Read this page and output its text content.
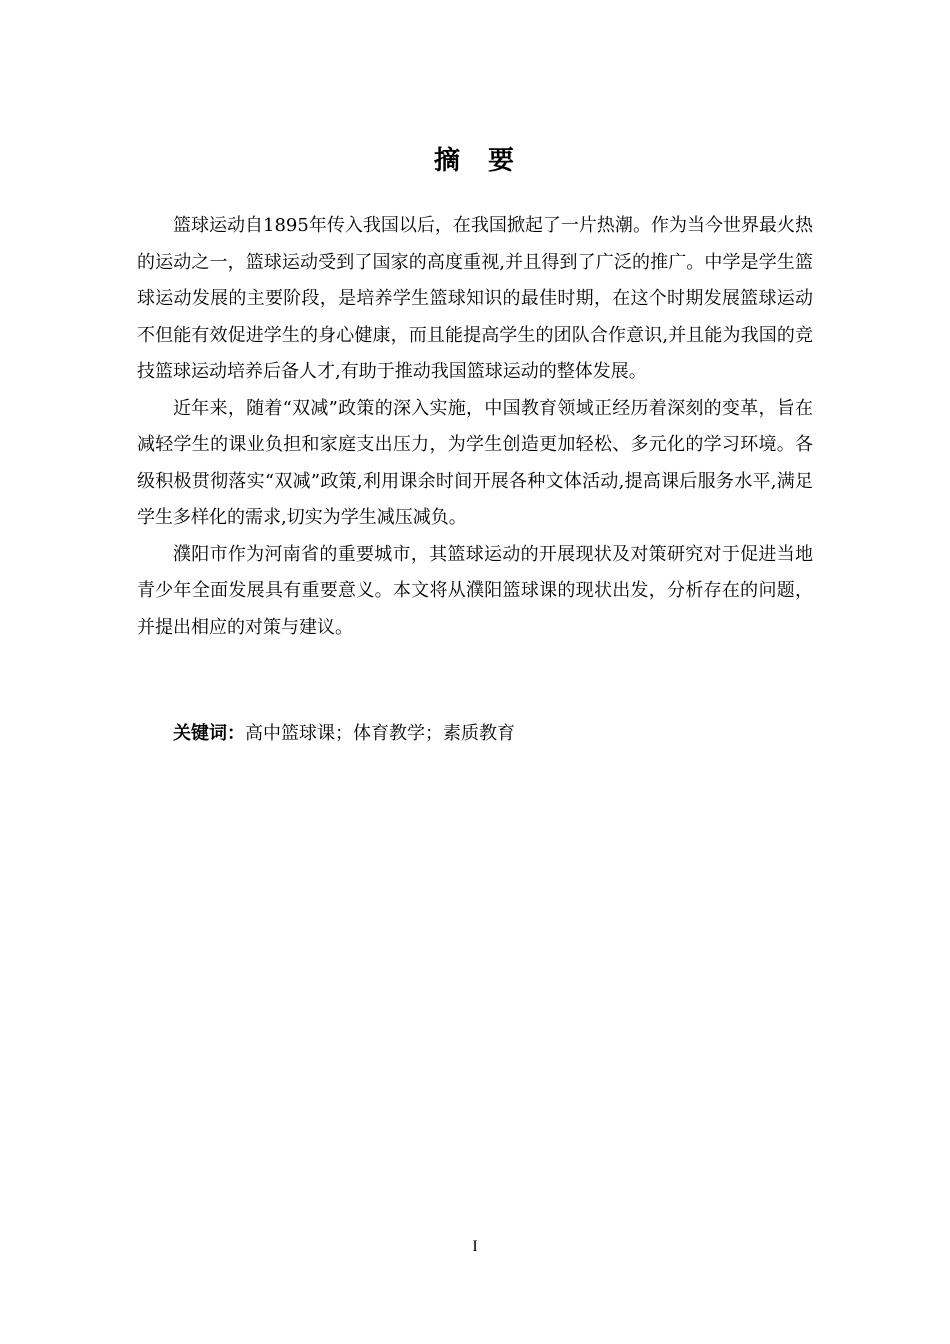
摘 要

篮球运动自1895年传入我国以后，在我国掀起了一片热潮。作为当今世界最火热的运动之一，篮球运动受到了国家的高度重视,并且得到了广泛的推广。中学是学生篮球运动发展的主要阶段，是培养学生篮球知识的最佳时期，在这个时期发展篮球运动不但能有效促进学生的身心健康，而且能提高学生的团队合作意识,并且能为我国的竞技篮球运动培养后备人才,有助于推动我国篮球运动的整体发展。

近年来，随着“双减”政策的深入实施，中国教育领域正经历着深刻的变革，旨在减轻学生的课业负担和家庭支出压力，为学生创造更加轻松、多元化的学习环境。各级积极贯彻落实“双减”政策,利用课余时间开展各种文体活动,提高课后服务水平,满足学生多样化的需求,切实为学生减压减负。

濮阳市作为河南省的重要城市，其篮球运动的开展现状及对策研究对于促进当地青少年全面发展具有重要意义。本文将从濮阳篮球课的现状出发，分析存在的问题，并提出相应的对策与建议。

关键词：高中篮球课；体育教学；素质教育
I
